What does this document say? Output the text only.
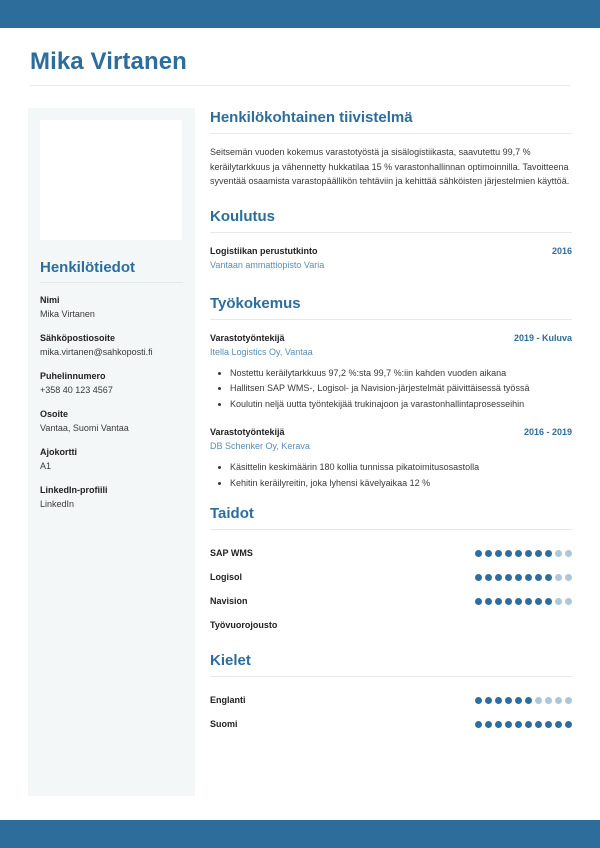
Mika Virtanen
Henkilötiedot
Nimi
Mika Virtanen
Sähköpostiosoite
mika.virtanen@sahkoposti.fi
Puhelinnumero
+358 40 123 4567
Osoite
Vantaa, Suomi Vantaa
Ajokortti
A1
LinkedIn-profiili
LinkedIn
Henkilökohtainen tiivistelmä

Seitsemän vuoden kokemus varastotyöstä ja sisälogistiikasta, saavutettu 99,7 % keräilytarkkuus ja vähennetty hukkatilaa 15 % varastonhallinnan optimoinnilla. Tavoitteena syventää osaamista varastopäällikön tehtäviin ja kehittää sähköisten järjestelmien käyttöä.

Koulutus
Logistiikan perustutkinto	2016
Vantaan ammattiopisto Varia
Työkokemus
Varastotyöntekijä	2019 - Kuluva
Itella Logistics Oy, Vantaa
• Nostettu keräilytarkkuus 97,2 %:sta 99,7 %:iin kahden vuoden aikana
• Hallitsen SAP WMS-, Logisol- ja Navision-järjestelmät päivittäisessä työssä
• Koulutin neljä uutta työntekijää trukinajoon ja varastonhallintaprosesseihin
Varastotyöntekijä	2016 - 2019
DB Schenker Oy, Kerava
• Käsittelin keskimäärin 180 kollia tunnissa pikatoimitusosastolla
• Kehitin keräilyreitin, joka lyhensi kävelyaikaa 12 %
Taidot
SAP WMS
Logisol
Navision
Työvuorojousto
Kielet
Englanti
Suomi
